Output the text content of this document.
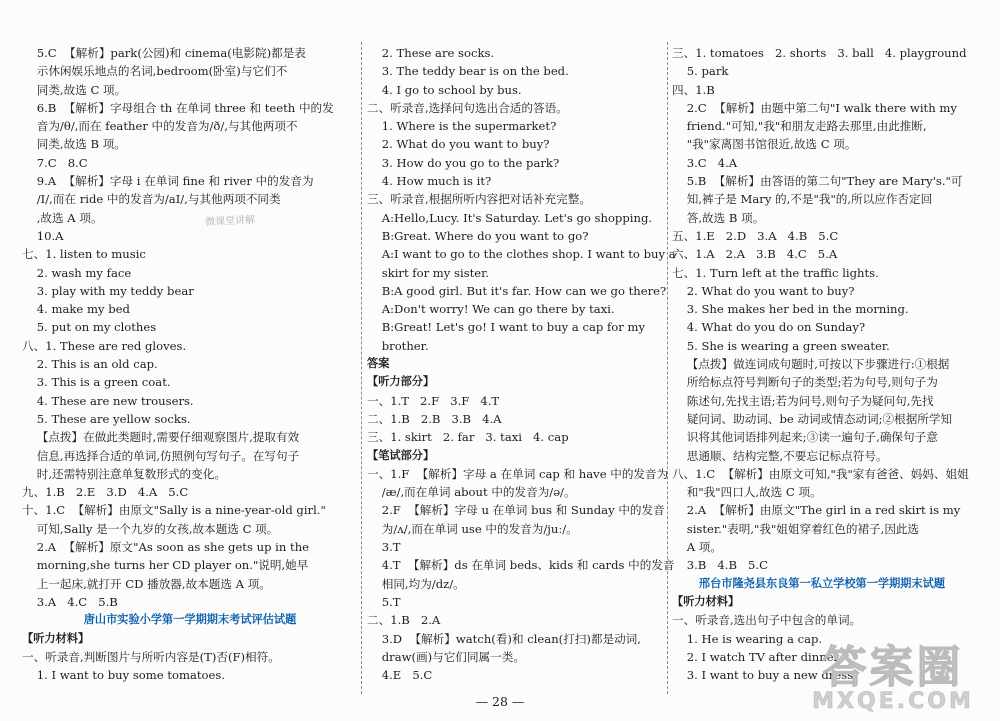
5.C  【解析】park(公园)和 cinema(电影院)都是表
示休闲娱乐地点的名词,bedroom(卧室)与它们不
同类,故选 C 项。
6.B  【解析】字母组合 th 在单词 three 和 teeth 中的发
音为/θ/,而在 feather 中的发音为/ð/,与其他两项不
同类,故选 B 项。
7.C   8.C
9.A  【解析】字母 i 在单词 fine 和 river 中的发音为
/I/,而在 ride 中的发音为/aI/,与其他两项不同类
,故选 A 项。
10.A
七、1. listen to music
2. wash my face
3. play with my teddy bear
4. make my bed
5. put on my clothes
八、1. These are red gloves.
2. This is an old cap.
3. This is a green coat.
4. These are new trousers.
5. These are yellow socks.
【点拨】在做此类题时,需要仔细观察图片,提取有效
信息,再选择合适的单词,仿照例句写句子。在写句子
时,还需特别注意单复数形式的变化。
九、1.B   2.E   3.D   4.A   5.C
十、1.C  【解析】由原文"Sally is a nine-year-old girl."
可知,Sally 是一个九岁的女孩,故本题选 C 项。
2.A  【解析】原文"As soon as she gets up in the
morning,she turns her CD player on."说明,她早
上一起床,就打开 CD 播放器,故本题选 A 项。
3.A   4.C   5.B
唐山市实验小学第一学期期末考试评估试题
【听力材料】
一、听录音,判断图片与所听内容是(T)否(F)相符。
1. I want to buy some tomatoes.
2. These are socks.
3. The teddy bear is on the bed.
4. I go to school by bus.
二、听录音,选择问句选出合适的答语。
1. Where is the supermarket?
2. What do you want to buy?
3. How do you go to the park?
4. How much is it?
三、听录音,根据所听内容把对话补充完整。
A:Hello,Lucy. It's Saturday. Let's go shopping.
B:Great. Where do you want to go?
A:I want to go to the clothes shop. I want to buy a
skirt for my sister.
B:A good girl. But it's far. How can we go there?
A:Don't worry! We can go there by taxi.
B:Great! Let's go! I want to buy a cap for my
brother.
答案
【听力部分】
一、1.T   2.F   3.F   4.T
二、1.B   2.B   3.B   4.A
三、1. skirt   2. far   3. taxi   4. cap
【笔试部分】
一、1.F  【解析】字母 a 在单词 cap 和 have 中的发音为
/æ/,而在单词 about 中的发音为/ə/。
2.F  【解析】字母 u 在单词 bus 和 Sunday 中的发音
为/ʌ/,而在单词 use 中的发音为/juː/。
3.T
4.T  【解析】ds 在单词 beds、kids 和 cards 中的发音
相同,均为/dz/。
5.T
二、1.B   2.A
3.D  【解析】watch(看)和 clean(打扫)都是动词,
draw(画)与它们同属一类。
4.E   5.C
三、1. tomatoes   2. shorts   3. ball   4. playground
5. park
四、1.B
2.C  【解析】由题中第二句"I walk there with my
friend."可知,"我"和朋友走路去那里,由此推断,
"我"家离图书馆很近,故选 C 项。
3.C   4.A
5.B  【解析】由答语的第二句"They are Mary's."可
知,裤子是 Mary 的,不是"我"的,所以应作否定回
答,故选 B 项。
五、1.E   2.D   3.A   4.B   5.C
六、1.A   2.A   3.B   4.C   5.A
七、1. Turn left at the traffic lights.
2. What do you want to buy?
3. She makes her bed in the morning.
4. What do you do on Sunday?
5. She is wearing a green sweater.
【点拨】做连词成句题时,可按以下步骤进行:①根据
所给标点符号判断句子的类型;若为句号,则句子为
陈述句,先找主语;若为问号,则句子为疑问句,先找
疑问词、助动词、be 动词或情态动词;②根据所学知
识将其他词语排列起来;③读一遍句子,确保句子意
思通顺、结构完整,不要忘记标点符号。
八、1.C  【解析】由原文可知,"我"家有爸爸、妈妈、姐姐
和"我"四口人,故选 C 项。
2.A  【解析】由原文"The girl in a red skirt is my
sister."表明,"我"姐姐穿着红色的裙子,因此选
A 项。
3.B   4.B   5.C
邢台市隆尧县东良第一私立学校第一学期期末试题
【听力材料】
一、听录音,选出句子中包含的单词。
1. He is wearing a cap.
2. I watch TV after dinner.
3. I want to buy a new dress.
微课堂讲解
— 28 —
答案圈
MXQE.COM
